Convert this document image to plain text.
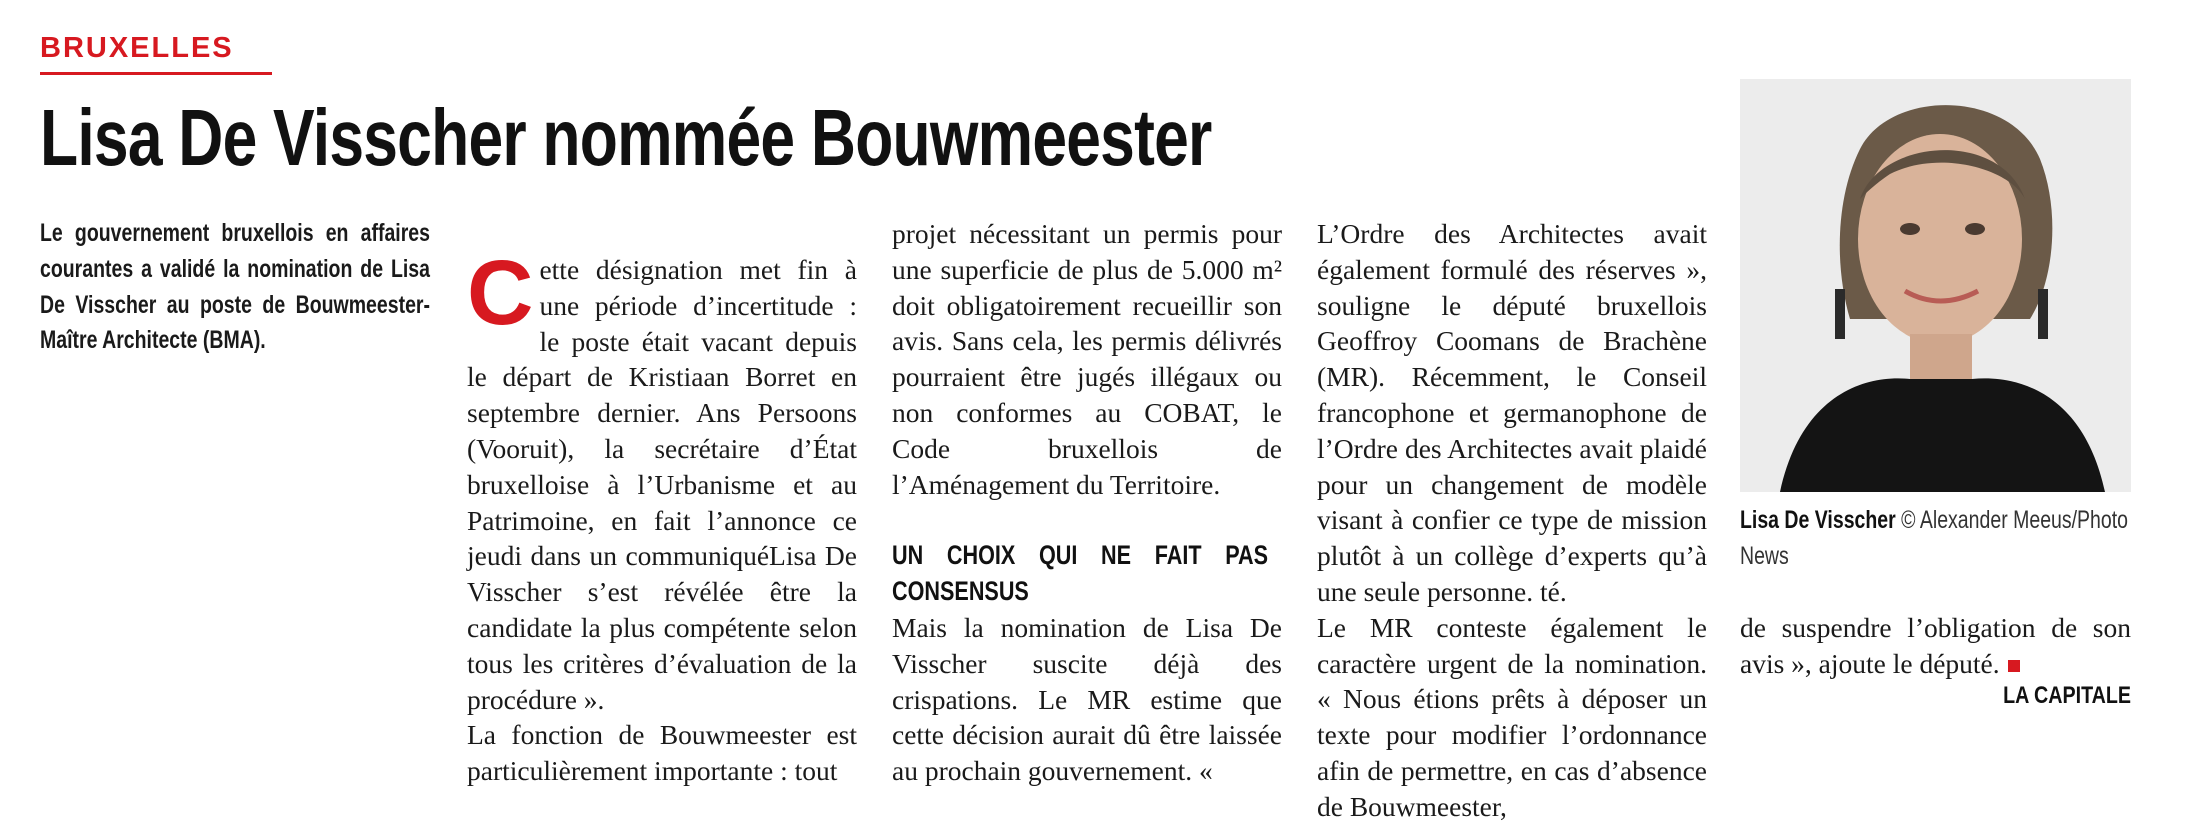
BRUXELLES
Lisa De Visscher nommée Bouwmeester

Le gouvernement bruxellois en affaires courantes a validé la nomination de Lisa De Visscher au poste de Bouwmeester-Maître Architecte (BMA).	Cette désignation met fin à une période d’incertitude : le poste était vacant depuis le départ de Kristiaan Borret en septembre dernier. Ans Persoons (Vooruit), la secrétaire d’État bruxelloise à l’Urbanisme et au Patrimoine, en fait l’annonce ce jeudi dans un communiquéLisa De Visscher s’est révélée être la candidate la plus compétente selon tous les critères d’évaluation de la procédure ».

La fonction de Bouwmeester est particulièrement importante : tout

projet nécessitant un permis pour une superficie de plus de 5.000 m² doit obligatoirement recueillir son avis. Sans cela, les permis délivrés pourraient être jugés illégaux ou non conformes au COBAT, le Code bruxellois de l’Aménagement du Territoire.

UN CHOIX QUI NE FAIT PAS CONSENSUS

Mais la nomination de Lisa De Visscher suscite déjà des crispations. Le MR estime que cette décision aurait dû être laissée au prochain gouvernement. «

L’Ordre des Architectes avait également formulé des réserves », souligne le député bruxellois Geoffroy Coomans de Brachène (MR). Récemment, le Conseil francophone et germanophone de l’Ordre des Architectes avait plaidé pour un changement de modèle visant à confier ce type de mission plutôt à un collège d’experts qu’à une seule personne. té.

Le MR conteste également le caractère urgent de la nomination. « Nous étions prêts à déposer un texte pour modifier l’ordonnance afin de permettre, en cas d’absence de Bouwmeester,

Lisa De Visscher © Alexander Meeus/Photo News

de suspendre l’obligation de son avis », ajoute le député.

LA CAPITALE
